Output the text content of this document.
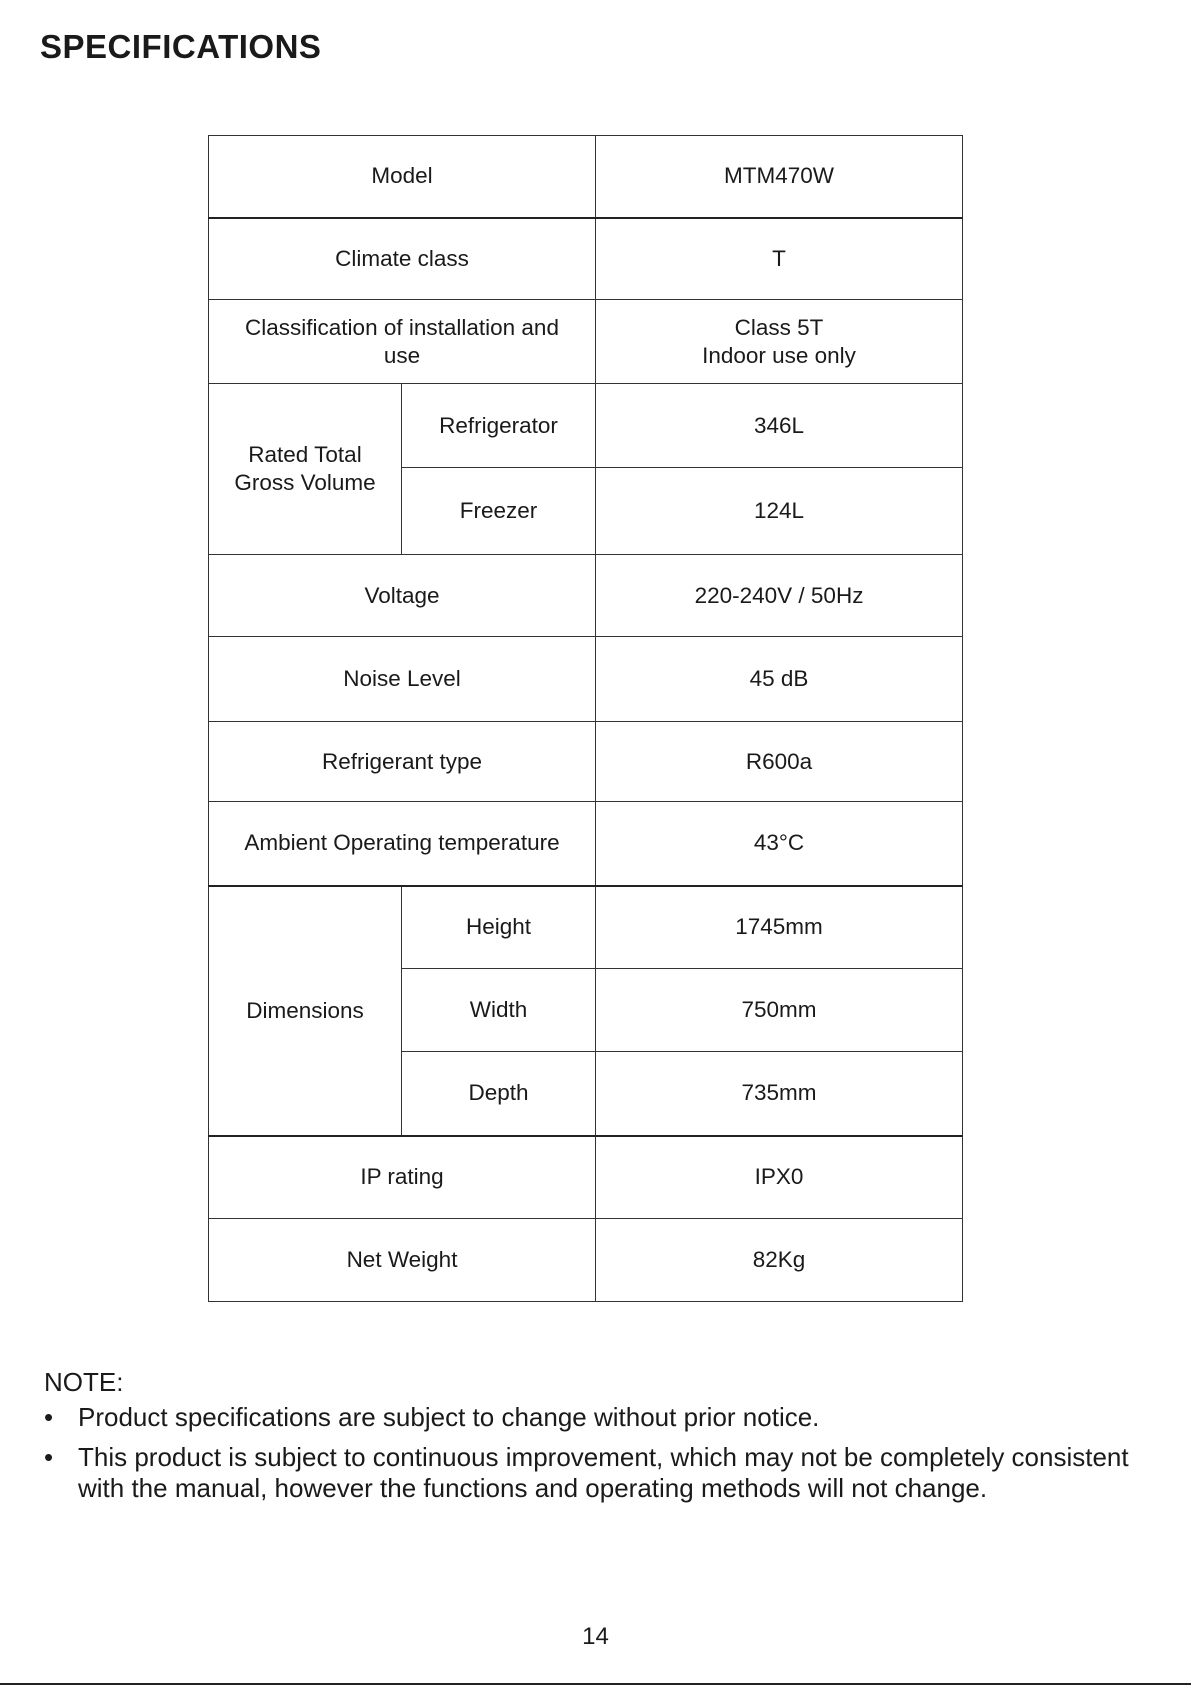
SPECIFICATIONS
Model		MTM470W
Climate class		T

Classification of installation and
use		Class 5T
Indoor use only

Rated Total
Gross Volume	Refrigerator	346L
	Freezer	124L
Voltage		220-240V / 50Hz
Noise Level		45 dB
Refrigerant type		R600a
Ambient Operating temperature		43°C
Dimensions	Height	1745mm
	Width	750mm
	Depth	735mm
IP rating		IPX0
Net Weight		82Kg
NOTE:
• Product specifications are subject to change without prior notice.
• This product is subject to continuous improvement, which may not be completely consistent with the manual, however the functions and operating methods will not change.
14
